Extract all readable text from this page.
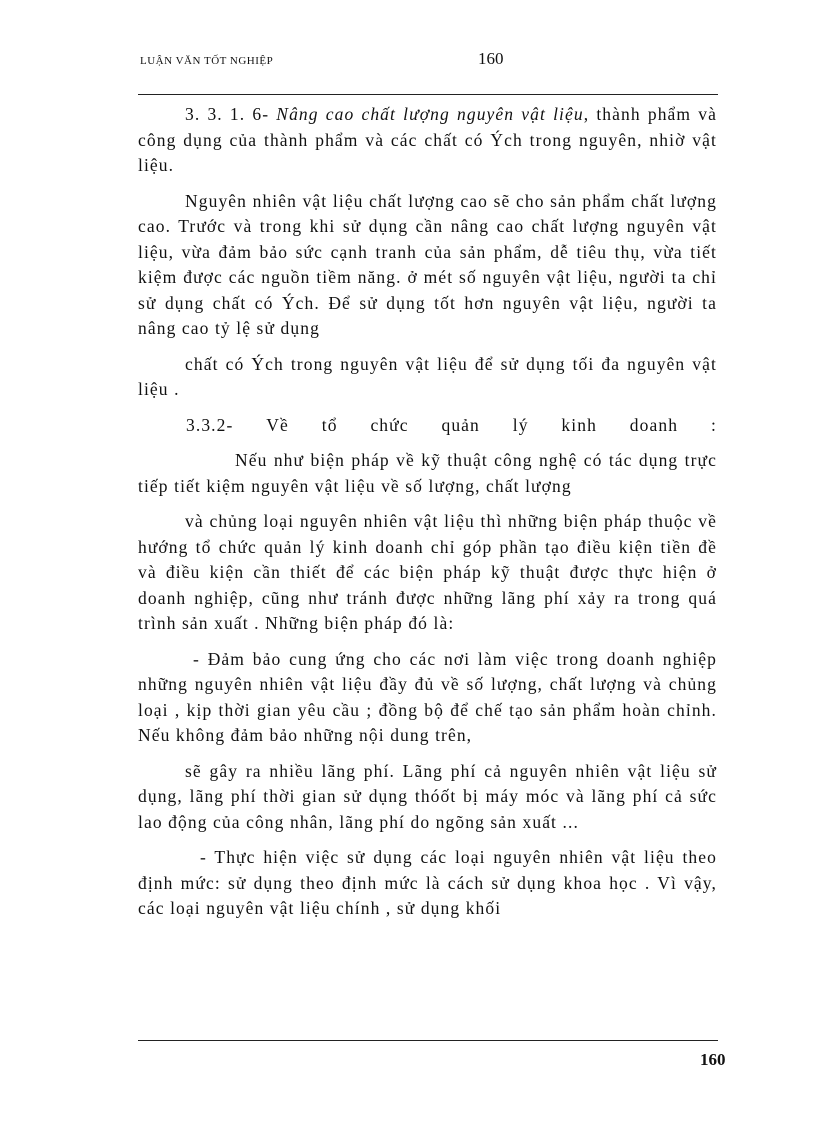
LUẬN VĂN TỐT NGHIỆP	160

3. 3. 1. 6- Nâng cao chất lượng nguyên vật liệu, thành phẩm và công dụng của thành phẩm và các chất có Ých trong nguyên, nhiờ vật liệu.

Nguyên nhiên vật liệu chất lượng cao sẽ cho sản phẩm chất lượng cao. Trước và trong khi sử dụng cần nâng cao chất lượng nguyên vật liệu, vừa đảm bảo sức cạnh tranh của sản phẩm, dễ tiêu thụ, vừa tiết kiệm được các nguồn tiềm năng. ở mét số nguyên vật liệu, người ta chỉ sử dụng chất có Ých. Để sử dụng tốt hơn nguyên vật liệu, người ta nâng cao tỷ lệ sử dụng

chất có Ých trong nguyên vật liệu để sử dụng tối đa nguyên vật liệu .

3.3.2- Về tổ chức quản lý kinh doanh :

Nếu như biện pháp về kỹ thuật công nghệ có tác dụng trực tiếp tiết kiệm nguyên vật liệu về số lượng, chất lượng

và chủng loại nguyên nhiên vật liệu thì những biện pháp thuộc về hướng tổ chức quản lý kinh doanh chỉ góp phần tạo điều kiện tiền đề và điều kiện cần thiết để các biện pháp kỹ thuật được thực hiện ở doanh nghiệp, cũng như tránh được những lãng phí xảy ra trong quá trình sản xuất . Những biện pháp đó là:

- Đảm bảo cung ứng cho các nơi làm việc trong doanh nghiệp những nguyên nhiên vật liệu đầy đủ về số lượng, chất lượng và chủng loại , kịp thời gian yêu cầu ; đồng bộ để chế tạo sản phẩm hoàn chỉnh. Nếu không đảm bảo những nội dung trên,

sẽ gây ra nhiều lãng phí. Lãng phí cả nguyên nhiên vật liệu sử dụng, lãng phí thời gian sử dụng thóốt bị máy móc và lãng phí cả sức lao động của công nhân, lãng phí do ngõng sản xuất ...

- Thực hiện việc sử dụng các loại nguyên nhiên vật liệu theo định mức: sử dụng theo định mức là cách sử dụng khoa học . Vì vậy, các loại nguyên vật liệu chính , sử dụng khối

160
